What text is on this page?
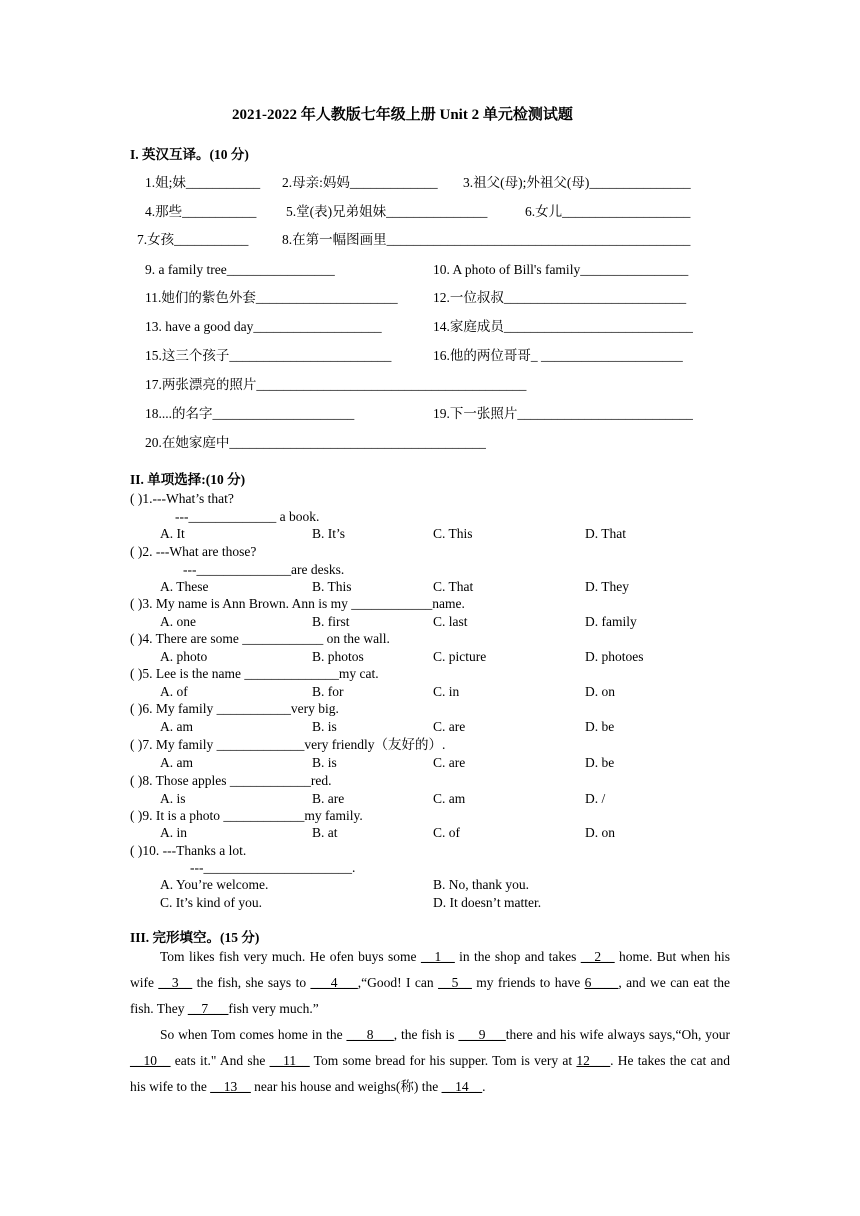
2021-2022 年人教版七年级上册 Unit 2 单元检测试题
I. 英汉互译。(10 分)
1.姐;妹___________ 2.母亲:妈妈_____________ 3.祖父(母);外祖父(母)_______________
4.那些___________ 5.堂(表)兄弟姐妹_______________	6.女儿___________________
7.女孩___________ 8.在第一幅图画里_____________________________________________
9. a family tree________________	10. A photo of Bill's family________________
11.她们的紫色外套_____________________	12.一位叔叔___________________________
13. have a good day___________________	14.家庭成员____________________________
15.这三个孩子________________________	16.他的两位哥哥_ _____________________
17.两张漂亮的照片________________________________________
18....的名字_____________________	19.下一张照片__________________________
20.在她家庭中______________________________________
II. 单项选择:(10 分)
( )1.---What’s that?
---_____________ a book.
A. It	B. It’s	C. This	D. That
( )2. ---What are those?
---______________are desks.
A. These	B. This	C. That	D. They
( )3. My name is Ann Brown. Ann is my ____________name.
A. one	B. first	C. last	D. family
( )4. There are some ____________ on the wall.
A. photo	B. photos	C. picture	D. photoes
( )5. Lee is the name ______________my cat.
A. of	B. for	C. in	D. on
( )6. My family ___________very big.
A. am	B. is	C. are	D. be
( )7. My family _____________very friendly（友好的）.
A. am	B. is	C. are	D. be
( )8. Those apples ____________red.
A. is	B. are	C. am	D. /
( )9. It is a photo ____________my family.
A. in	B. at	C. of	D. on
( )10. ---Thanks a lot.
---______________________.
A. You’re welcome.	B. No, thank you.
C. It’s kind of you.	D. It doesn’t matter.
III. 完形填空。(15 分)
Tom likes fish very much. He ofen buys some __1__ in the shop and takes __2__ home. But when his wife __3__ the fish, she says to ___4___,“Good! I can __5__ my friends to have 6____, and we can eat the fish. They __7___fish very much.”
So when Tom comes home in the ___8___, the fish is ___9___there and his wife always says,“Oh, your __10__ eats it." And she __11__ Tom some bread for his supper. Tom is very at 12___. He takes the cat and his wife to the __13__ near his house and weighs(称) the __14__.
